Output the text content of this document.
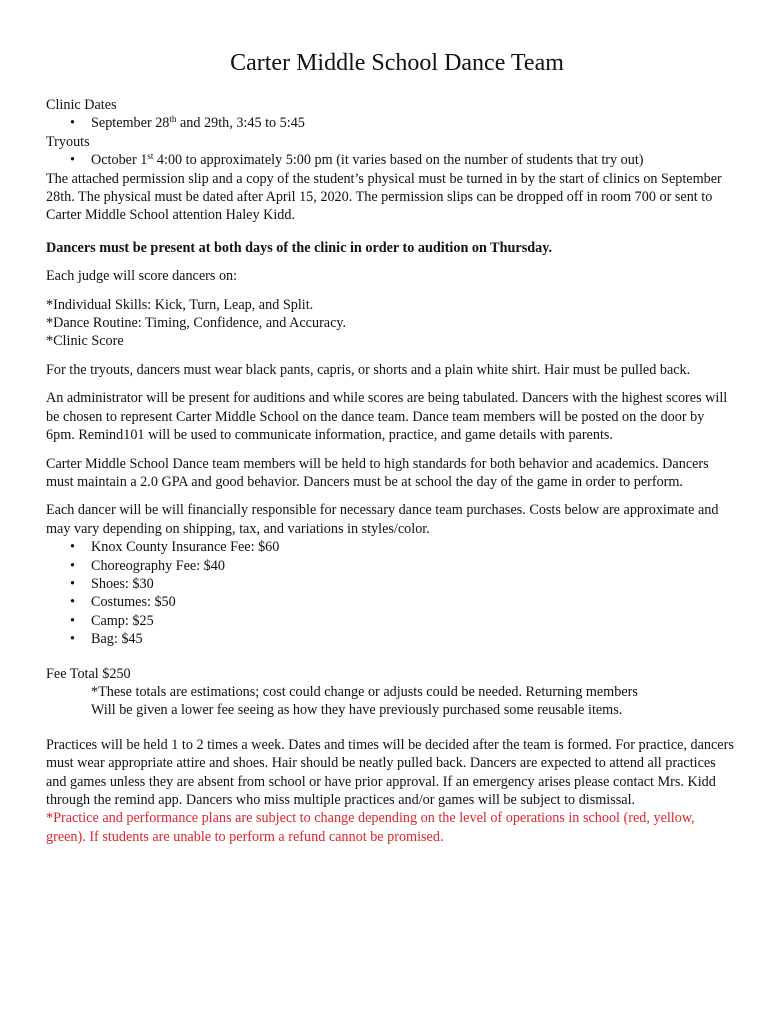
Carter Middle School Dance Team

Clinic Dates

• September 28th and 29th, 3:45 to 5:45

Tryouts

• October 1st 4:00 to approximately 5:00 pm (it varies based on the number of students that try out)

The attached permission slip and a copy of the student’s physical must be turned in by the start of clinics on September 28th. The physical must be dated after April 15, 2020. The permission slips can be dropped off in room 700 or sent to Carter Middle School attention Haley Kidd.

Dancers must be present at both days of the clinic in order to audition on Thursday.

Each judge will score dancers on:

*Individual Skills: Kick, Turn, Leap, and Split.

*Dance Routine: Timing, Confidence, and Accuracy.

*Clinic Score

For the tryouts, dancers must wear black pants, capris, or shorts and a plain white shirt. Hair must be pulled back.

An administrator will be present for auditions and while scores are being tabulated. Dancers with the highest scores will be chosen to represent Carter Middle School on the dance team. Dance team members will be posted on the door by 6pm. Remind101 will be used to communicate information, practice, and game details with parents.

Carter Middle School Dance team members will be held to high standards for both behavior and academics. Dancers must maintain a 2.0 GPA and good behavior. Dancers must be at school the day of the game in order to perform.

Each dancer will be will financially responsible for necessary dance team purchases. Costs below are approximate and may vary depending on shipping, tax, and variations in styles/color.

• Knox County Insurance Fee: $60
• Choreography Fee: $40
• Shoes: $30
• Costumes: $50
• Camp: $25
• Bag: $45

Fee Total $250

*These totals are estimations; cost could change or adjusts could be needed. Returning members

Will be given a lower fee seeing as how they have previously purchased some reusable items.

Practices will be held 1 to 2 times a week. Dates and times will be decided after the team is formed. For practice, dancers must wear appropriate attire and shoes. Hair should be neatly pulled back. Dancers are expected to attend all practices and games unless they are absent from school or have prior approval. If an emergency arises please contact Mrs. Kidd through the remind app. Dancers who miss multiple practices and/or games will be subject to dismissal.

*Practice and performance plans are subject to change depending on the level of operations in school (red, yellow, green). If students are unable to perform a refund cannot be promised.
